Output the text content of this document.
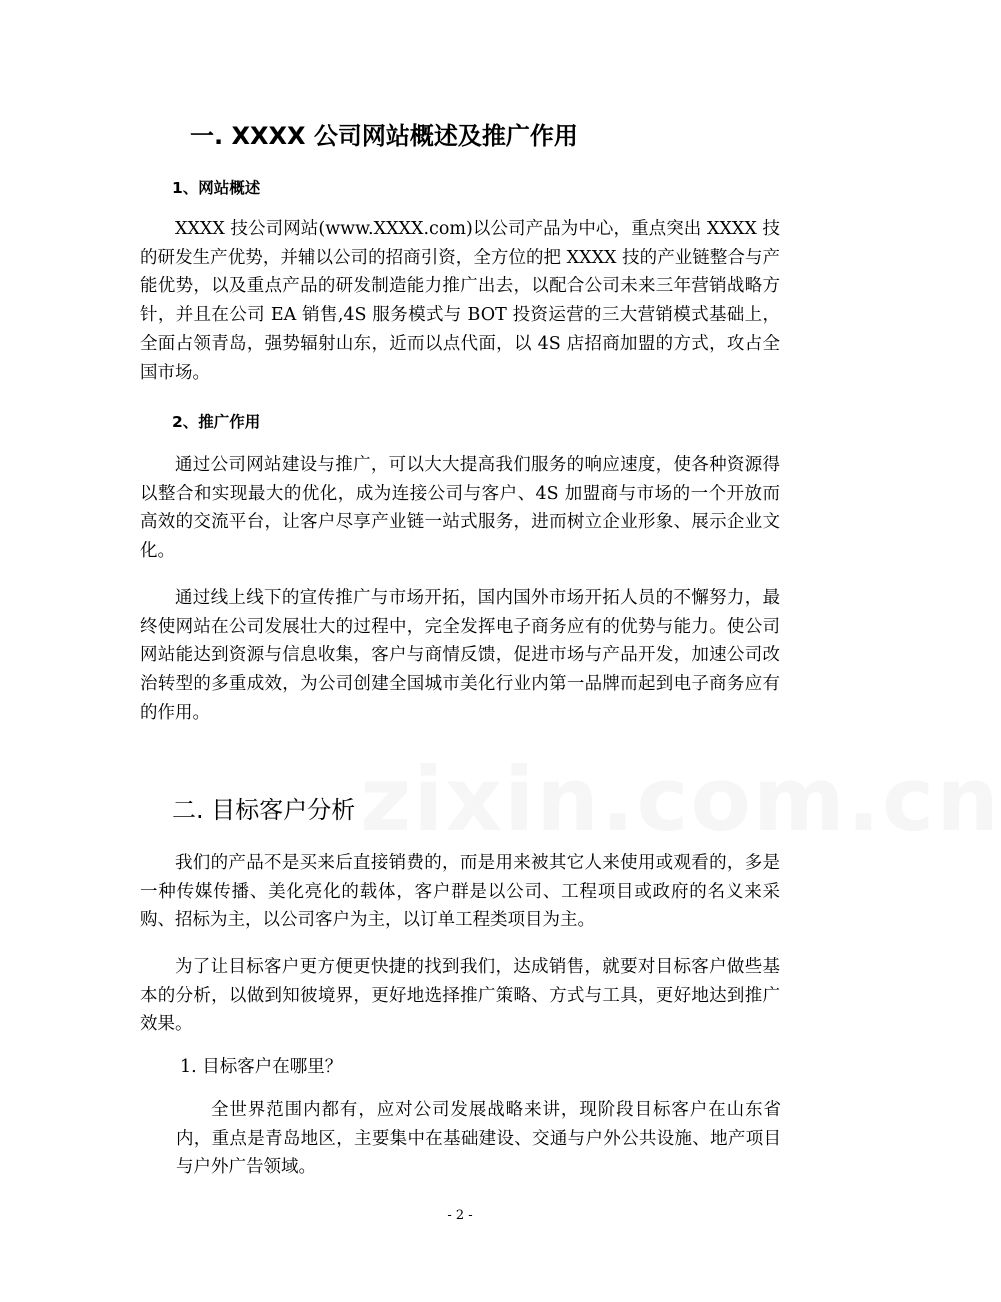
一. XXXX 公司网站概述及推广作用
1、网站概述

XXXX 技公司网站(www.XXXX.com)以公司产品为中心，重点突出 XXXX 技的研发生产优势，并辅以公司的招商引资，全方位的把 XXXX 技的产业链整合与产能优势，以及重点产品的研发制造能力推广出去，以配合公司未来三年营销战略方针，并且在公司 EA 销售,4S 服务模式与 BOT 投资运营的三大营销模式基础上，全面占领青岛，强势辐射山东，近而以点代面，以 4S 店招商加盟的方式，攻占全国市场。

2、推广作用

通过公司网站建设与推广，可以大大提高我们服务的响应速度，使各种资源得以整合和实现最大的优化，成为连接公司与客户、4S 加盟商与市场的一个开放而高效的交流平台，让客户尽享产业链一站式服务，进而树立企业形象、展示企业文化。

通过线上线下的宣传推广与市场开拓，国内国外市场开拓人员的不懈努力，最终使网站在公司发展壮大的过程中，完全发挥电子商务应有的优势与能力。使公司网站能达到资源与信息收集，客户与商情反馈，促进市场与产品开发，加速公司改治转型的多重成效，为公司创建全国城市美化行业内第一品牌而起到电子商务应有的作用。

zixin.com.cn
二. 目标客户分析

我们的产品不是买来后直接销费的，而是用来被其它人来使用或观看的，多是一种传媒传播、美化亮化的载体，客户群是以公司、工程项目或政府的名义来采购、招标为主，以公司客户为主，以订单工程类项目为主。

为了让目标客户更方便更快捷的找到我们，达成销售，就要对目标客户做些基本的分析，以做到知彼境界，更好地选择推广策略、方式与工具，更好地达到推广效果。

1. 目标客户在哪里？

全世界范围内都有，应对公司发展战略来讲，现阶段目标客户在山东省内，重点是青岛地区，主要集中在基础建设、交通与户外公共设施、地产项目与户外广告领域。

- 2 -
